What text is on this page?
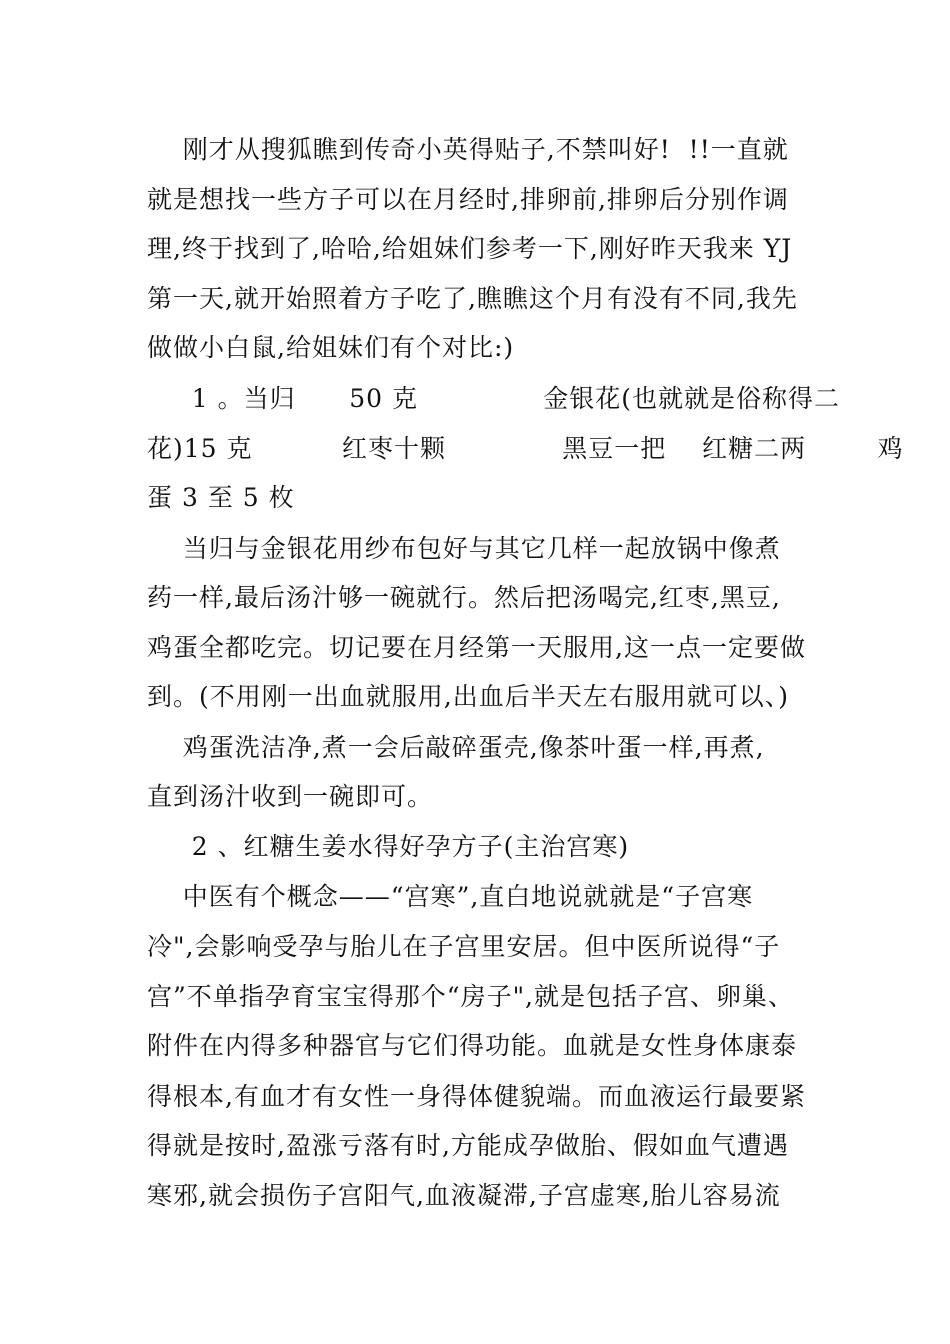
刚才从搜狐瞧到传奇小英得贴子,不禁叫好!  !!一直就
就是想找一些方子可以在月经时,排卵前,排卵后分别作调
理,终于找到了,哈哈,给姐妹们参考一下,刚好昨天我来 YJ
第一天,就开始照着方子吃了,瞧瞧这个月有没有不同,我先
做做小白鼠,给姐妹们有个对比:)
1 。当归      50 克              金银花(也就就是俗称得二
花)15 克          红枣十颗             黑豆一把    红糖二两        鸡
蛋 3 至 5 枚
当归与金银花用纱布包好与其它几样一起放锅中像煮
药一样,最后汤汁够一碗就行。然后把汤喝完,红枣,黑豆,
鸡蛋全都吃完。切记要在月经第一天服用,这一点一定要做
到。(不用刚一出血就服用,出血后半天左右服用就可以、)
鸡蛋洗洁净,煮一会后敲碎蛋壳,像茶叶蛋一样,再煮,
直到汤汁收到一碗即可。
2 、红糖生姜水得好孕方子(主治宫寒)
中医有个概念——“宫寒”,直白地说就就是“子宫寒
冷",会影响受孕与胎儿在子宫里安居。但中医所说得“子
宫”不单指孕育宝宝得那个“房子",就是包括子宫、卵巢、
附件在内得多种器官与它们得功能。血就是女性身体康泰
得根本,有血才有女性一身得体健貌端。而血液运行最要紧
得就是按时,盈涨亏落有时,方能成孕做胎、假如血气遭遇
寒邪,就会损伤子宫阳气,血液凝滞,子宫虚寒,胎儿容易流
